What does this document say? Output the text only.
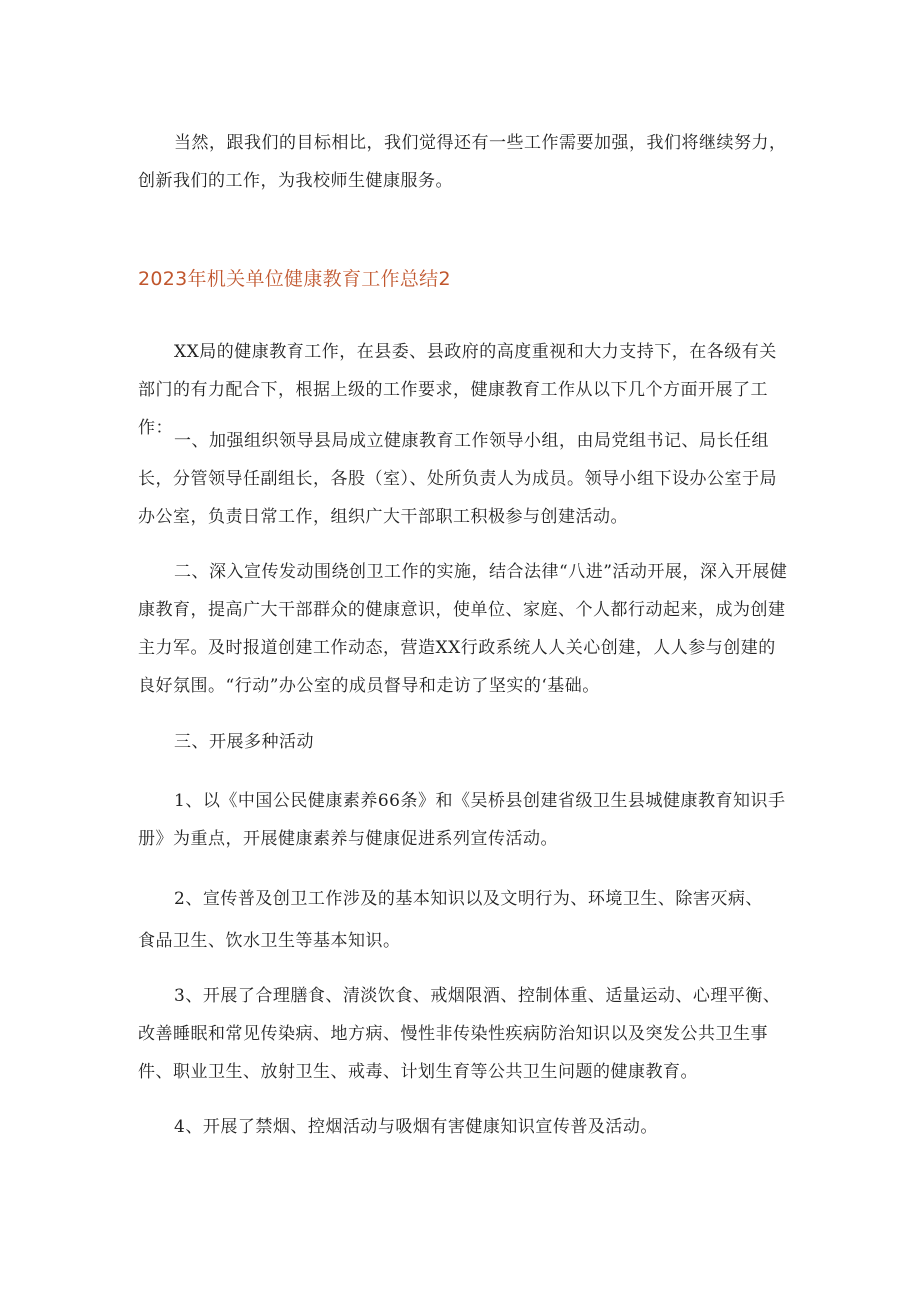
当然，跟我们的目标相比，我们觉得还有一些工作需要加强，我们将继续努力，创新我们的工作，为我校师生健康服务。

2023年机关单位健康教育工作总结2

XX局的健康教育工作，在县委、县政府的高度重视和大力支持下，在各级有关部门的有力配合下，根据上级的工作要求，健康教育工作从以下几个方面开展了工作：

一、加强组织领导县局成立健康教育工作领导小组，由局党组书记、局长任组长，分管领导任副组长，各股（室）、处所负责人为成员。领导小组下设办公室于局办公室，负责日常工作，组织广大干部职工积极参与创建活动。

二、深入宣传发动围绕创卫工作的实施，结合法律“八进”活动开展，深入开展健康教育，提高广大干部群众的健康意识，使单位、家庭、个人都行动起来，成为创建主力军。及时报道创建工作动态，营造XX行政系统人人关心创建，人人参与创建的良好氛围。“行动”办公室的成员督导和走访了坚实的‘基础。

三、开展多种活动

1、以《中国公民健康素养66条》和《吴桥县创建省级卫生县城健康教育知识手册》为重点，开展健康素养与健康促进系列宣传活动。

2、宣传普及创卫工作涉及的基本知识以及文明行为、环境卫生、除害灭病、

食品卫生、饮水卫生等基本知识。

3、开展了合理膳食、清淡饮食、戒烟限酒、控制体重、适量运动、心理平衡、改善睡眠和常见传染病、地方病、慢性非传染性疾病防治知识以及突发公共卫生事件、职业卫生、放射卫生、戒毒、计划生育等公共卫生问题的健康教育。

4、开展了禁烟、控烟活动与吸烟有害健康知识宣传普及活动。
